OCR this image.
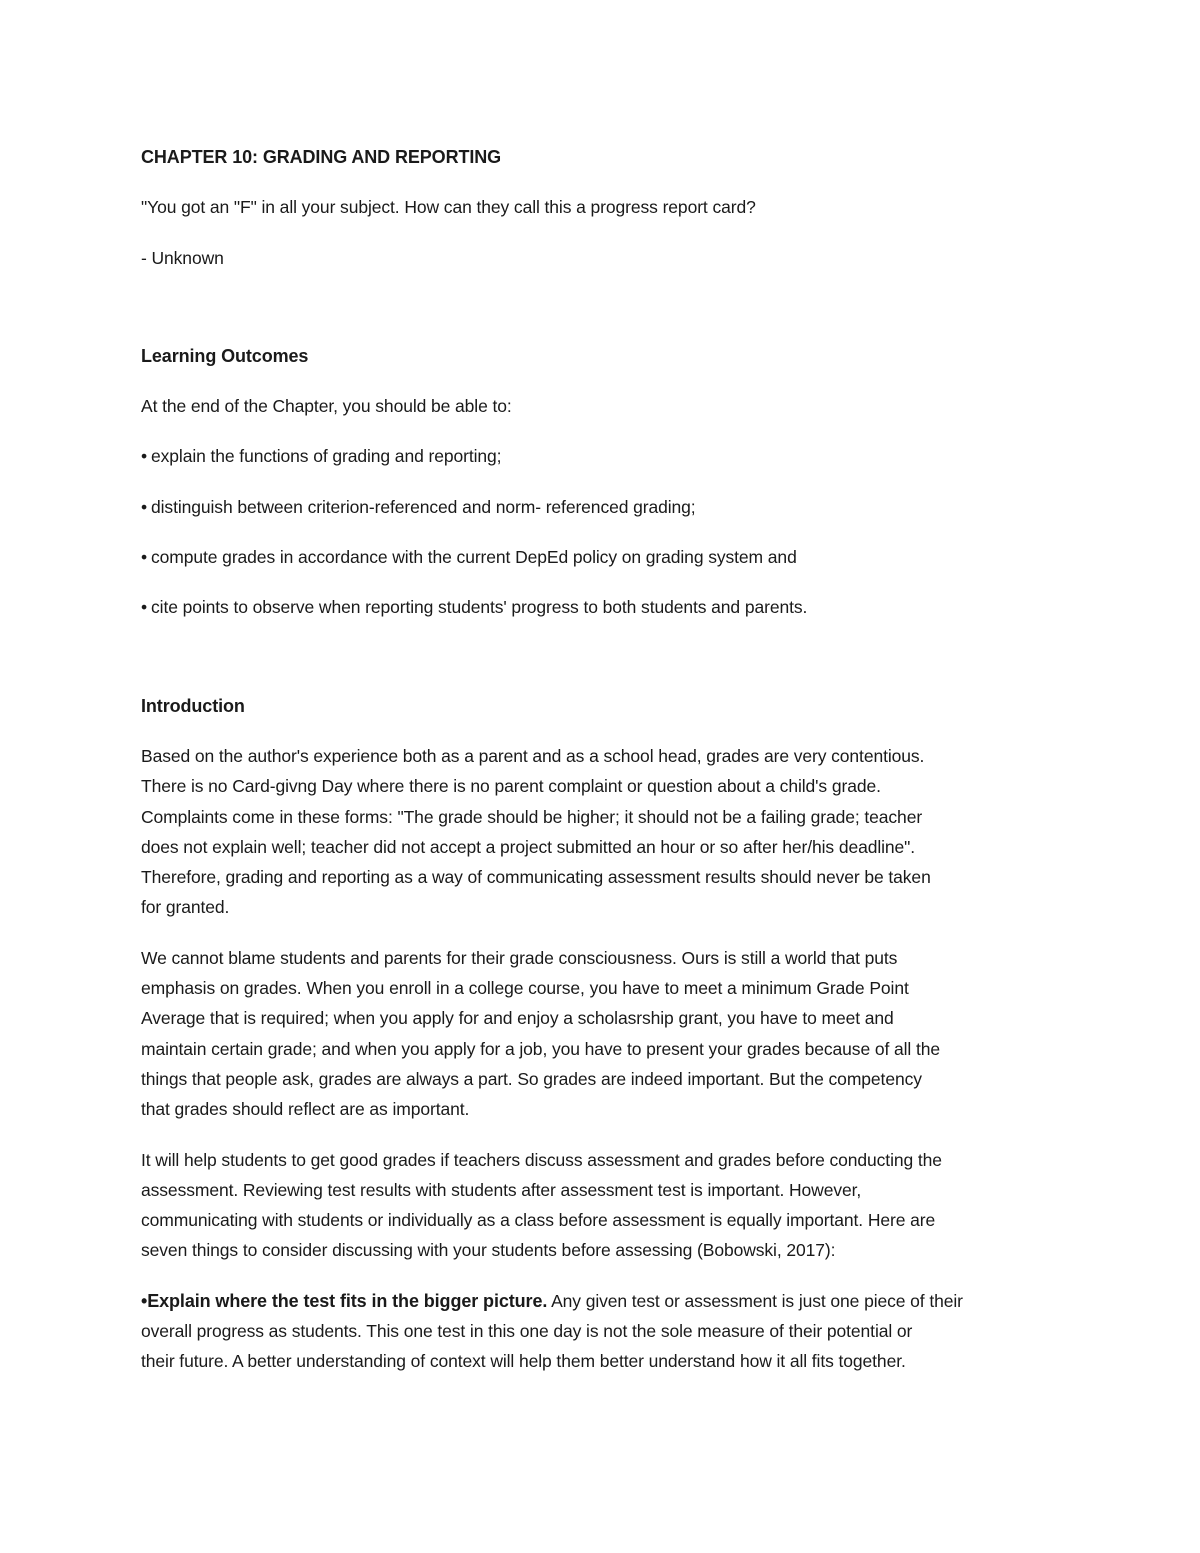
CHAPTER 10: GRADING AND REPORTING

"You got an "F" in all your subject. How can they call this a progress report card?

- Unknown

Learning Outcomes

At the end of the Chapter, you should be able to:

• explain the functions of grading and reporting;

• distinguish between criterion-referenced and norm- referenced grading;

• compute grades in accordance with the current DepEd policy on grading system and

• cite points to observe when reporting students' progress to both students and parents.

Introduction

Based on the author's experience both as a parent and as a school head, grades are very contentious.
There is no Card-givng Day where there is no parent complaint or question about a child's grade.
Complaints come in these forms: "The grade should be higher; it should not be a failing grade; teacher
does not explain well; teacher did not accept a project submitted an hour or so after her/his deadline".
Therefore, grading and reporting as a way of communicating assessment results should never be taken
for granted.
We cannot blame students and parents for their grade consciousness. Ours is still a world that puts
emphasis on grades. When you enroll in a college course, you have to meet a minimum Grade Point
Average that is required; when you apply for and enjoy a scholasrship grant, you have to meet and
maintain certain grade; and when you apply for a job, you have to present your grades because of all the
things that people ask, grades are always a part. So grades are indeed important. But the competency
that grades should reflect are as important.
It will help students to get good grades if teachers discuss assessment and grades before conducting the
assessment. Reviewing test results with students after assessment test is important. However,
communicating with students or individually as a class before assessment is equally important. Here are
seven things to consider discussing with your students before assessing (Bobowski, 2017):
•Explain where the test fits in the bigger picture. Any given test or assessment is just one piece of their
overall progress as students. This one test in this one day is not the sole measure of their potential or
their future. A better understanding of context will help them better understand how it all fits together.
